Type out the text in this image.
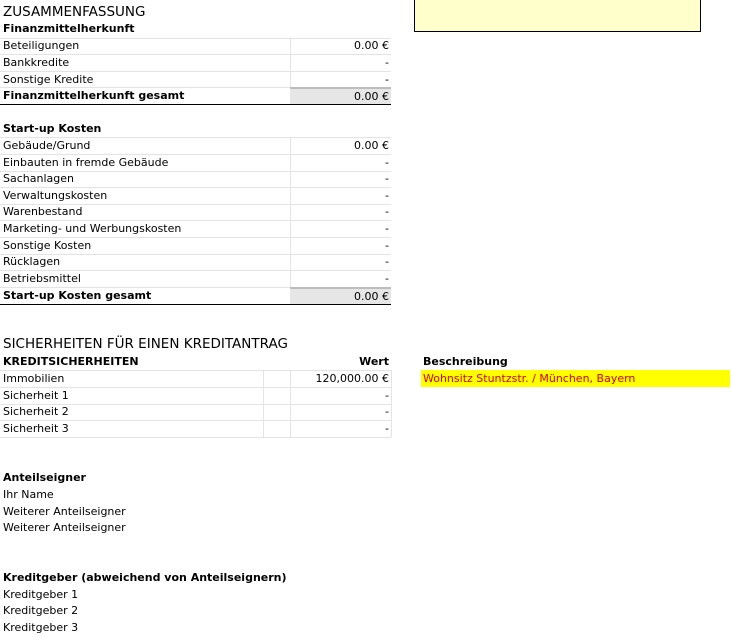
ZUSAMMENFASSUNG
Finanzmittelherkunft
Beteiligungen	0.00 €
Bankkredite	-
Sonstige Kredite	-
Finanzmittelherkunft gesamt	0.00 €
Start-up Kosten
Gebäude/Grund	0.00 €
Einbauten in fremde Gebäude	-
Sachanlagen	-
Verwaltungskosten	-
Warenbestand	-
Marketing- und Werbungskosten	-
Sonstige Kosten	-
Rücklagen	-
Betriebsmittel	-
Start-up Kosten gesamt	0.00 €
SICHERHEITEN FÜR EINEN KREDITANTRAG
KREDITSICHERHEITEN	Wert	Beschreibung
Immobilien	120,000.00 €	Wohnsitz Stuntzstr. / München, Bayern
Sicherheit 1	-
Sicherheit 2	-
Sicherheit 3	-
Anteilseigner
Ihr Name
Weiterer Anteilseigner
Weiterer Anteilseigner
Kreditgeber (abweichend von Anteilseignern)
Kreditgeber 1
Kreditgeber 2
Kreditgeber 3
